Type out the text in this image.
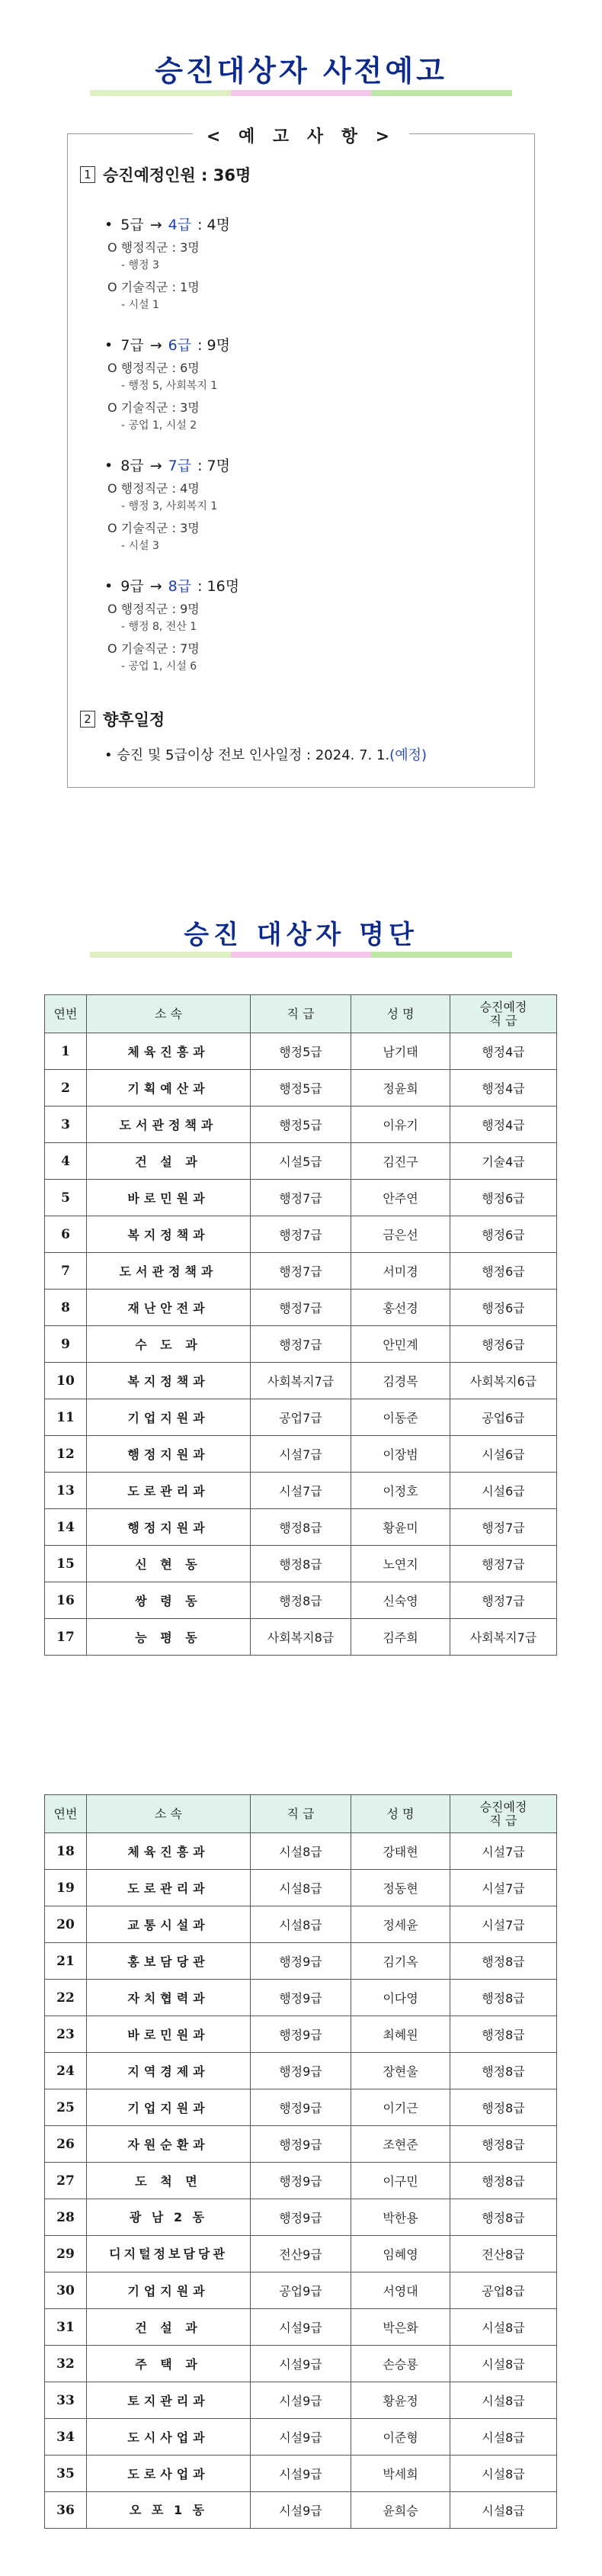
승진대상자 사전예고
< 예 고 사 항 >
1 승진예정인원 : 36명
• 5급 → 4급 : 4명
O 행정직군 : 3명
- 행정 3
O 기술직군 : 1명
- 시설 1
• 7급 → 6급 : 9명
O 행정직군 : 6명
- 행정 5, 사회복지 1
O 기술직군 : 3명
- 공업 1, 시설 2
• 8급 → 7급 : 7명
O 행정직군 : 4명
- 행정 3, 사회복지 1
O 기술직군 : 3명
- 시설 3
• 9급 → 8급 : 16명
O 행정직군 : 9명
- 행정 8, 전산 1
O 기술직군 : 7명
- 공업 1, 시설 6
2 향후일정
• 승진 및 5급이상 전보 인사일정 : 2024. 7. 1.(예정)
승진 대상자 명단
연번	소 속	직 급	성 명	승진예정
직 급
1	체육진흥과	행정5급	남기태	행정4급
2	기획예산과	행정5급	정윤희	행정4급
3	도서관정책과	행정5급	이유기	행정4급
4	건 설 과	시설5급	김진구	기술4급
5	바로민원과	행정7급	안주연	행정6급
6	복지정책과	행정7급	금은선	행정6급
7	도서관정책과	행정7급	서미경	행정6급
8	재난안전과	행정7급	홍선경	행정6급
9	수 도 과	행정7급	안민계	행정6급
10	복지정책과	사회복지7급	김경목	사회복지6급
11	기업지원과	공업7급	이동준	공업6급
12	행정지원과	시설7급	이장범	시설6급
13	도로관리과	시설7급	이정호	시설6급
14	행정지원과	행정8급	황윤미	행정7급
15	신 현 동	행정8급	노연지	행정7급
16	쌍 령 동	행정8급	신숙영	행정7급
17	능 평 동	사회복지8급	김주희	사회복지7급
연번	소 속	직 급	성 명	승진예정
직 급
18	체육진흥과	시설8급	강태현	시설7급
19	도로관리과	시설8급	정동현	시설7급
20	교통시설과	시설8급	정세윤	시설7급
21	홍보담당관	행정9급	김기옥	행정8급
22	자치협력과	행정9급	이다영	행정8급
23	바로민원과	행정9급	최혜원	행정8급
24	지역경제과	행정9급	장현울	행정8급
25	기업지원과	행정9급	이기근	행정8급
26	자원순환과	행정9급	조현준	행정8급
27	도 척 면	행정9급	이구민	행정8급
28	광 남 2 동	행정9급	박한용	행정8급
29	디지털정보담당관	전산9급	임혜영	전산8급
30	기업지원과	공업9급	서영대	공업8급
31	건 설 과	시설9급	박은화	시설8급
32	주 택 과	시설9급	손승룡	시설8급
33	토지관리과	시설9급	황윤정	시설8급
34	도시사업과	시설9급	이준형	시설8급
35	도로사업과	시설9급	박세희	시설8급
36	오 포 1 동	시설9급	윤희승	시설8급
